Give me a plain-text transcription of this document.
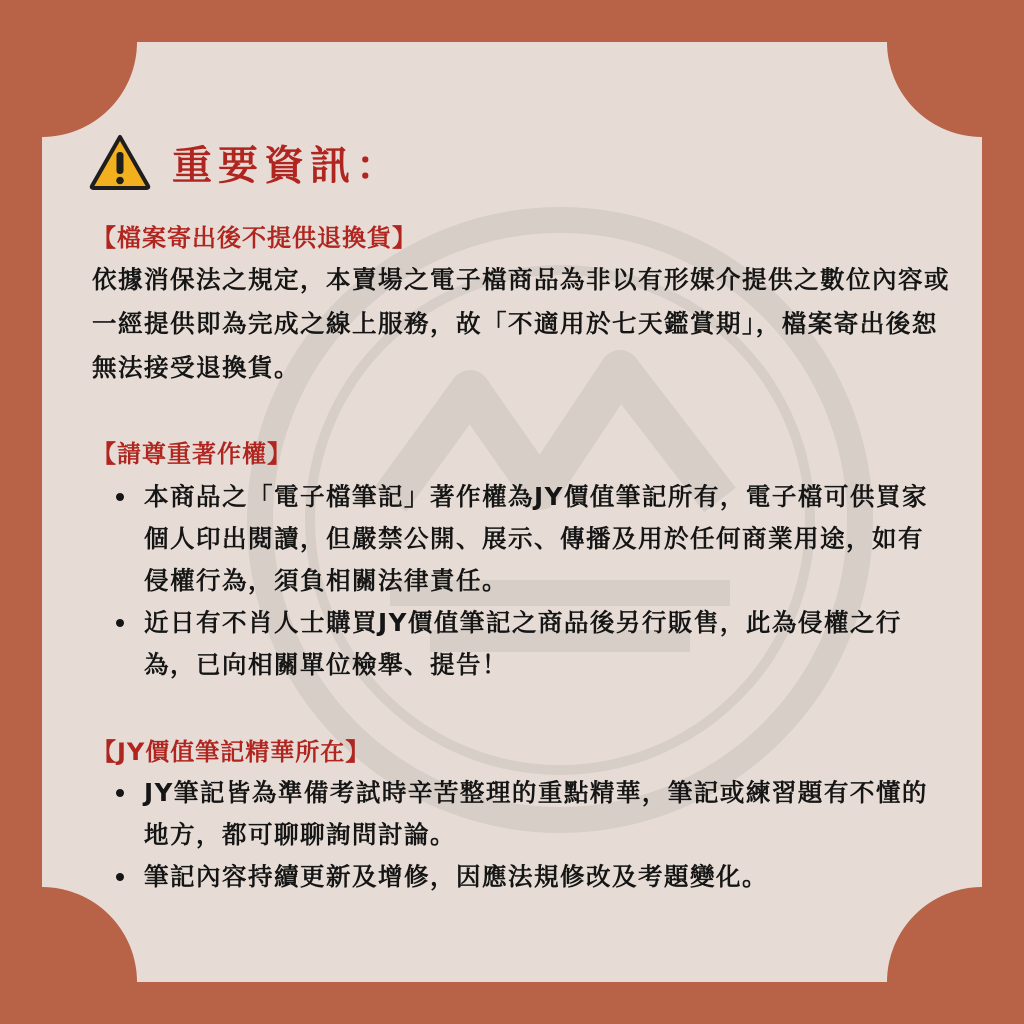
重要資訊：
【檔案寄出後不提供退換貨】
依據消保法之規定，本賣場之電子檔商品為非以有形媒介提供之數位內容或一經提供即為完成之線上服務，故「不適用於七天鑑賞期」，檔案寄出後恕無法接受退換貨。
【請尊重著作權】
本商品之「電子檔筆記」著作權為JY價值筆記所有，電子檔可供買家個人印出閱讀，但嚴禁公開、展示、傳播及用於任何商業用途，如有侵權行為，須負相關法律責任。
近日有不肖人士購買JY價值筆記之商品後另行販售，此為侵權之行為，已向相關單位檢舉、提告！
【JY價值筆記精華所在】
JY筆記皆為準備考試時辛苦整理的重點精華，筆記或練習題有不懂的地方，都可聊聊詢問討論。
筆記內容持續更新及增修，因應法規修改及考題變化。
